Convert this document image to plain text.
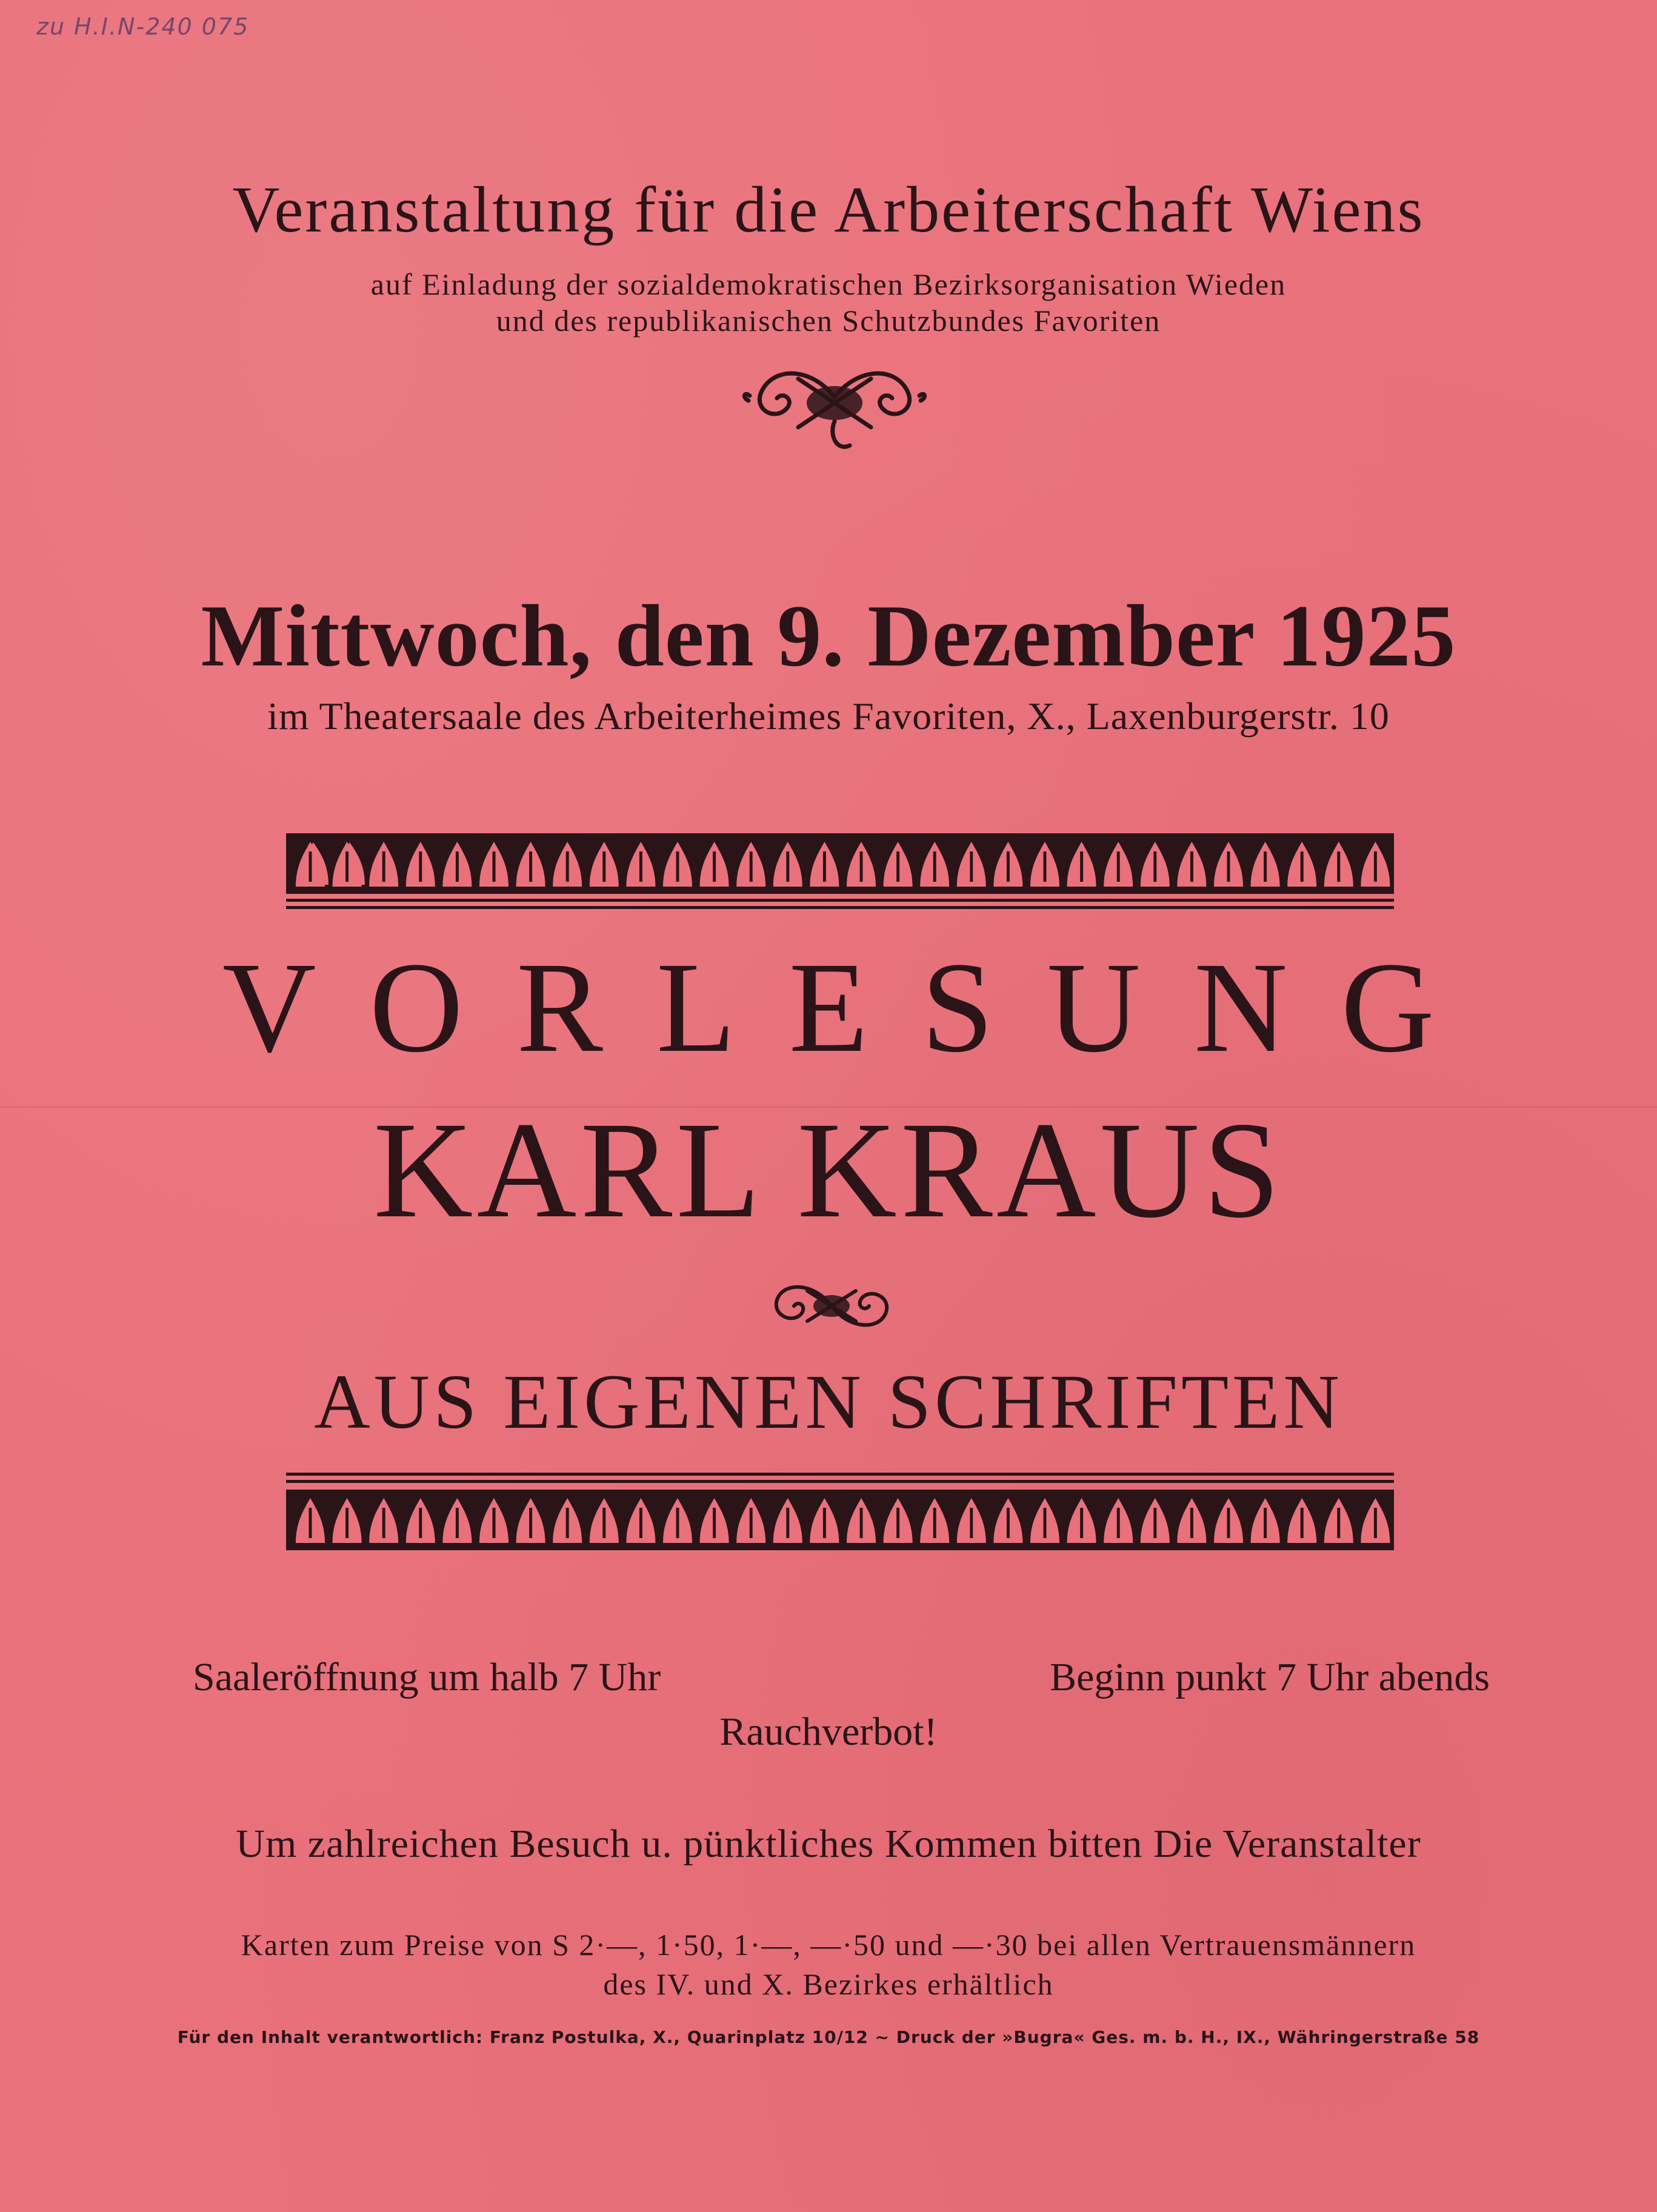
zu H.I.N-240 075
Veranstaltung für die Arbeiterschaft Wiens
auf Einladung der sozialdemokratischen Bezirksorganisation Wieden
und des republikanischen Schutzbundes Favoriten
Mittwoch, den 9. Dezember 1925
im Theatersaale des Arbeiterheimes Favoriten, X., Laxenburgerstr. 10
VORLESUNG
KARL KRAUS
AUS EIGENEN SCHRIFTEN
Saaleröffnung um halb 7 Uhr	Beginn punkt 7 Uhr abends
Rauchverbot!
Um zahlreichen Besuch u. pünktliches Kommen bitten Die Veranstalter
Karten zum Preise von S 2·—, 1·50, 1·—, —·50 und —·30 bei allen Vertrauensmännern
des IV. und X. Bezirkes erhältlich
Für den Inhalt verantwortlich: Franz Postulka, X., Quarinplatz 10/12 ~ Druck der »Bugra« Ges. m. b. H., IX., Währingerstraße 58
